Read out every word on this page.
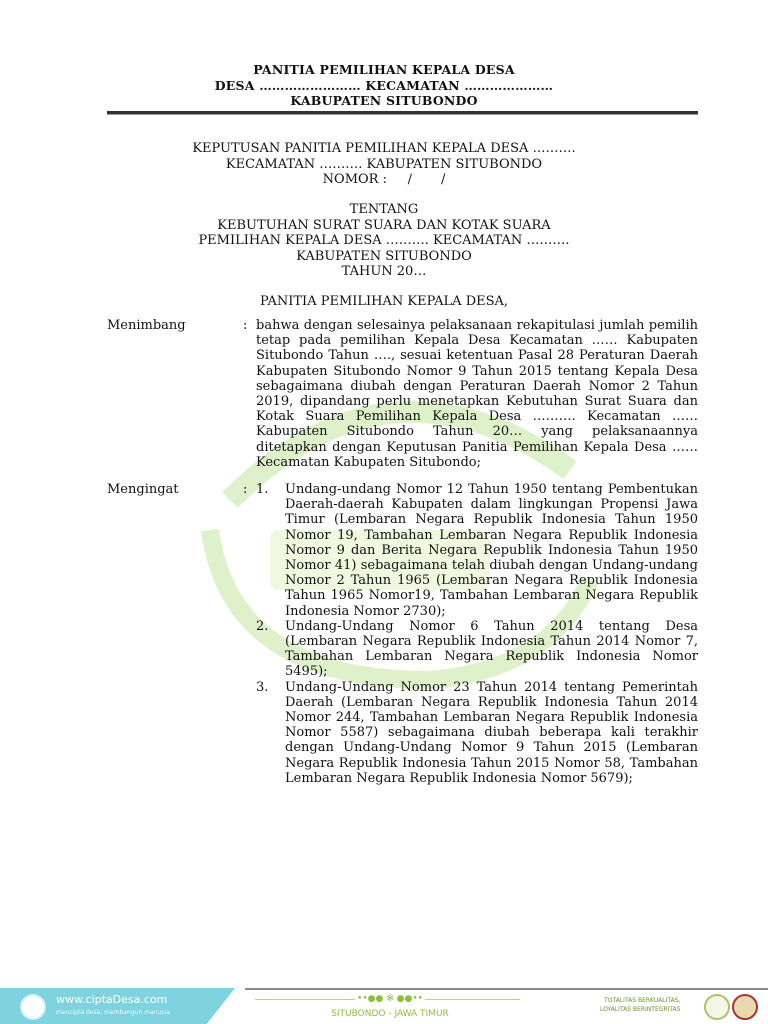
PANITIA PEMILIHAN KEPALA DESA
DESA …………………… KECAMATAN …………………
KABUPATEN SITUBONDO
KEPUTUSAN PANITIA PEMILIHAN KEPALA DESA ……….
KECAMATAN ………. KABUPATEN SITUBONDO
NOMOR :     /       /
TENTANG
KEBUTUHAN SURAT SUARA DAN KOTAK SUARA
PEMILIHAN KEPALA DESA ………. KECAMATAN ……….
KABUPATEN SITUBONDO
TAHUN 20…
PANITIA PEMILIHAN KEPALA DESA,
Menimbang	: bahwa dengan selesainya pelaksanaan rekapitulasi jumlah pemilih tetap pada pemilihan Kepala Desa Kecamatan …… Kabupaten Situbondo Tahun …., sesuai ketentuan Pasal 28 Peraturan Daerah Kabupaten Situbondo Nomor 9 Tahun 2015 tentang Kepala Desa sebagaimana diubah dengan Peraturan Daerah Nomor 2 Tahun 2019, dipandang perlu menetapkan Kebutuhan Surat Suara dan Kotak Suara Pemilihan Kepala Desa ………. Kecamatan …… Kabupaten Situbondo Tahun 20… yang pelaksanaannya ditetapkan dengan Keputusan Panitia Pemilihan Kepala Desa …… Kecamatan Kabupaten Situbondo;
Mengingat	: 1. Undang-undang Nomor 12 Tahun 1950 tentang Pembentukan Daerah-daerah Kabupaten dalam lingkungan Propensi Jawa Timur (Lembaran Negara Republik Indonesia Tahun 1950 Nomor 19, Tambahan Lembaran Negara Republik Indonesia Nomor 9 dan Berita Negara Republik Indonesia Tahun 1950 Nomor 41) sebagaimana telah diubah dengan Undang-undang Nomor 2 Tahun 1965 (Lembaran Negara Republik Indonesia Tahun 1965 Nomor19, Tambahan Lembaran Negara Republik Indonesia Nomor 2730);
2. Undang-Undang Nomor 6 Tahun 2014 tentang Desa (Lembaran Negara Republik Indonesia Tahun 2014 Nomor 7, Tambahan Lembaran Negara Republik Indonesia Nomor 5495);
3. Undang-Undang Nomor 23 Tahun 2014 tentang Pemerintah Daerah (Lembaran Negara Republik Indonesia Tahun 2014 Nomor 244, Tambahan Lembaran Negara Republik Indonesia Nomor 5587) sebagaimana diubah beberapa kali terakhir dengan Undang-Undang Nomor 9 Tahun 2015 (Lembaran Negara Republik Indonesia Tahun 2015 Nomor 58, Tambahan Lembaran Negara Republik Indonesia Nomor 5679);
www.ciptaDesa.com
mencipta desa, membangun manusia
••●● ✻ ●●••
SITUBONDO - JAWA TIMUR
TOTALITAS BERKUALITAS,
LOYALITAS BERINTEGRITAS
